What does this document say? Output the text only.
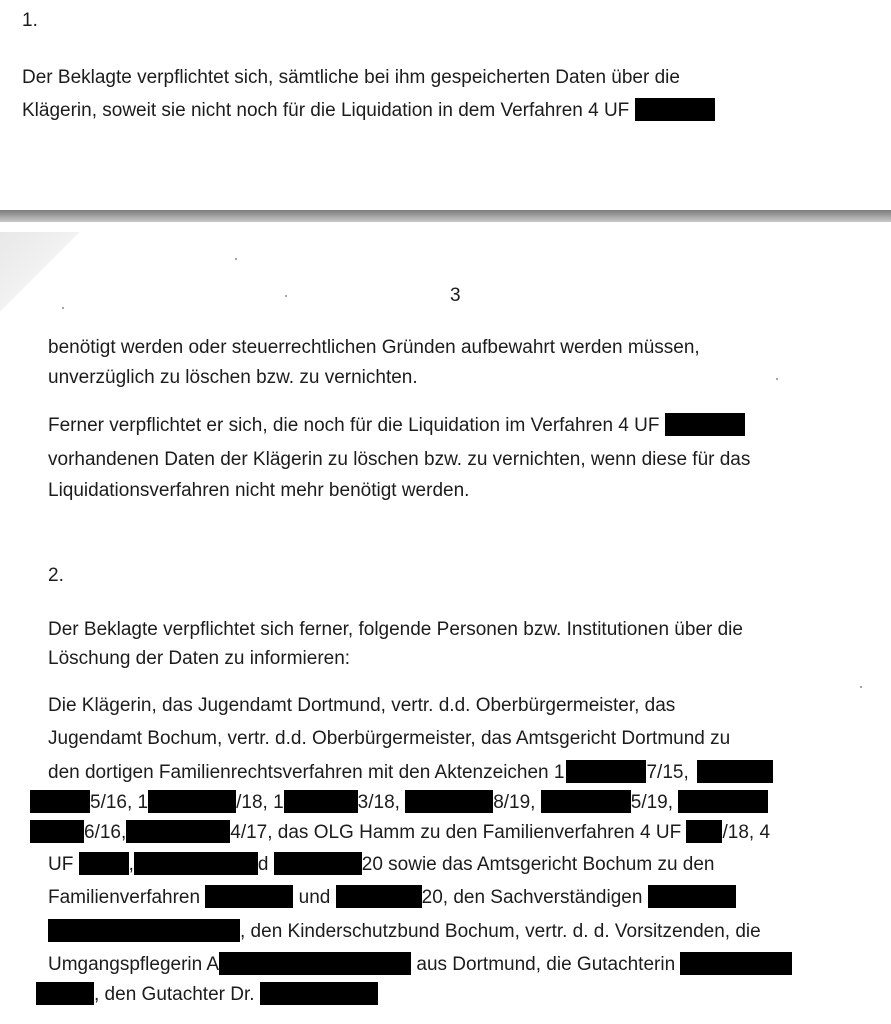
1.
Der Beklagte verpflichtet sich, sämtliche bei ihm gespeicherten Daten über die
Klägerin, soweit sie nicht noch für die Liquidation in dem Verfahren 4 UF
3
benötigt werden oder steuerrechtlichen Gründen aufbewahrt werden müssen,
unverzüglich zu löschen bzw. zu vernichten.
Ferner verpflichtet er sich, die noch für die Liquidation im Verfahren 4 UF
vorhandenen Daten der Klägerin zu löschen bzw. zu vernichten, wenn diese für das
Liquidationsverfahren nicht mehr benötigt werden.
2.
Der Beklagte verpflichtet sich ferner, folgende Personen bzw. Institutionen über die
Löschung der Daten zu informieren:
Die Klägerin, das Jugendamt Dortmund, vertr. d.d. Oberbürgermeister, das
Jugendamt Bochum, vertr. d.d. Oberbürgermeister, das Amtsgericht Dortmund zu
den dortigen Familienrechtsverfahren mit den Aktenzeichen 1	7/15,
5/16, 1	/18, 1	3/18,	8/19,	5/19,
6/16,	4/17, das OLG Hamm zu den Familienverfahren 4 UF /18, 4
UF	,	d	20 sowie das Amtsgericht Bochum zu den
Familienverfahren	und	20, den Sachverständigen
, den Kinderschutzbund Bochum, vertr. d. d. Vorsitzenden, die
Umgangspflegerin A	aus Dortmund, die Gutachterin
, den Gutachter Dr.
